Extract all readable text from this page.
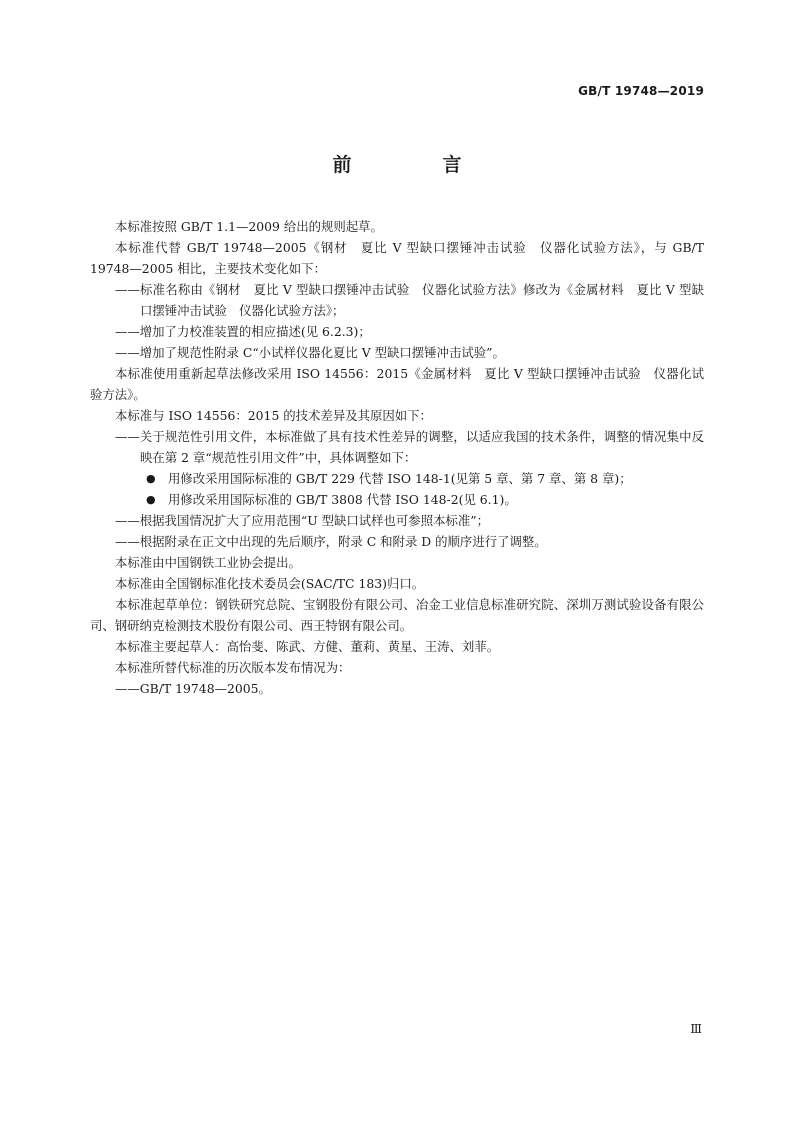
GB/T 19748—2019
前　言

本标准按照 GB/T 1.1—2009 给出的规则起草。

本标准代替 GB/T 19748—2005《钢材　夏比 V 型缺口摆锤冲击试验　仪器化试验方法》，与 GB/T 19748—2005 相比，主要技术变化如下：

——标准名称由《钢材　夏比 V 型缺口摆锤冲击试验　仪器化试验方法》修改为《金属材料　夏比 V 型缺口摆锤冲击试验　仪器化试验方法》；

——增加了力校准装置的相应描述(见 6.2.3)；

——增加了规范性附录 C“小试样仪器化夏比 V 型缺口摆锤冲击试验”。

本标准使用重新起草法修改采用 ISO 14556：2015《金属材料　夏比 V 型缺口摆锤冲击试验　仪器化试验方法》。

本标准与 ISO 14556：2015 的技术差异及其原因如下：

——关于规范性引用文件，本标准做了具有技术性差异的调整，以适应我国的技术条件，调整的情况集中反映在第 2 章“规范性引用文件”中，具体调整如下：

● 用修改采用国际标准的 GB/T 229 代替 ISO 148-1(见第 5 章、第 7 章、第 8 章)；

● 用修改采用国际标准的 GB/T 3808 代替 ISO 148-2(见 6.1)。

——根据我国情况扩大了应用范围“U 型缺口试样也可参照本标准”；

——根据附录在正文中出现的先后顺序，附录 C 和附录 D 的顺序进行了调整。

本标准由中国钢铁工业协会提出。

本标准由全国钢标准化技术委员会(SAC/TC 183)归口。

本标准起草单位：钢铁研究总院、宝钢股份有限公司、冶金工业信息标准研究院、深圳万测试验设备有限公司、钢研纳克检测技术股份有限公司、西王特钢有限公司。

本标准主要起草人：高怡斐、陈武、方健、董莉、黄星、王涛、刘菲。

本标准所替代标准的历次版本发布情况为：

——GB/T 19748—2005。

Ⅲ
